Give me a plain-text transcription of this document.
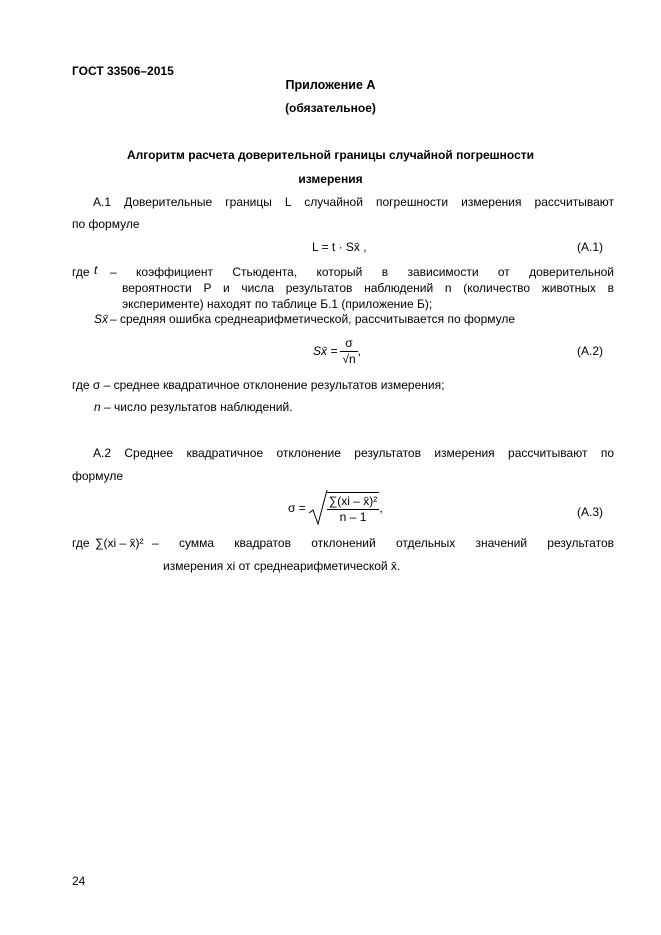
ГОСТ 33506–2015
Приложение А
(обязательное)
Алгоритм расчета доверительной границы случайной погрешности
измерения
А.1 Доверительные границы L случайной погрешности измерения рассчитывают
по формуле
L = t · Sx̄ ,	(А.1)
где t – коэффициент Стьюдента, который в зависимости от доверительной
вероятности P и числа результатов наблюдений n (количество животных в
эксперименте) находят по таблице Б.1 (приложение Б);
Sx̄ – средняя ошибка среднеарифметической, рассчитывается по формуле
Sx̄ = $\frac{\sigma}{√n}$ ,	(А.2)
где σ – среднее квадратичное отклонение результатов измерения;
n – число результатов наблюдений.
А.2 Среднее квадратичное отклонение результатов измерения рассчитывают по
формуле
$\sigma = \frac{\text{∑(xi – x̄)²}}{n - 1}$ ,	(А.3)
где ∑(xi – x̄)² – сумма квадратов отклонений отдельных значений результатов
измерения xi от среднеарифметической x̄.
24
